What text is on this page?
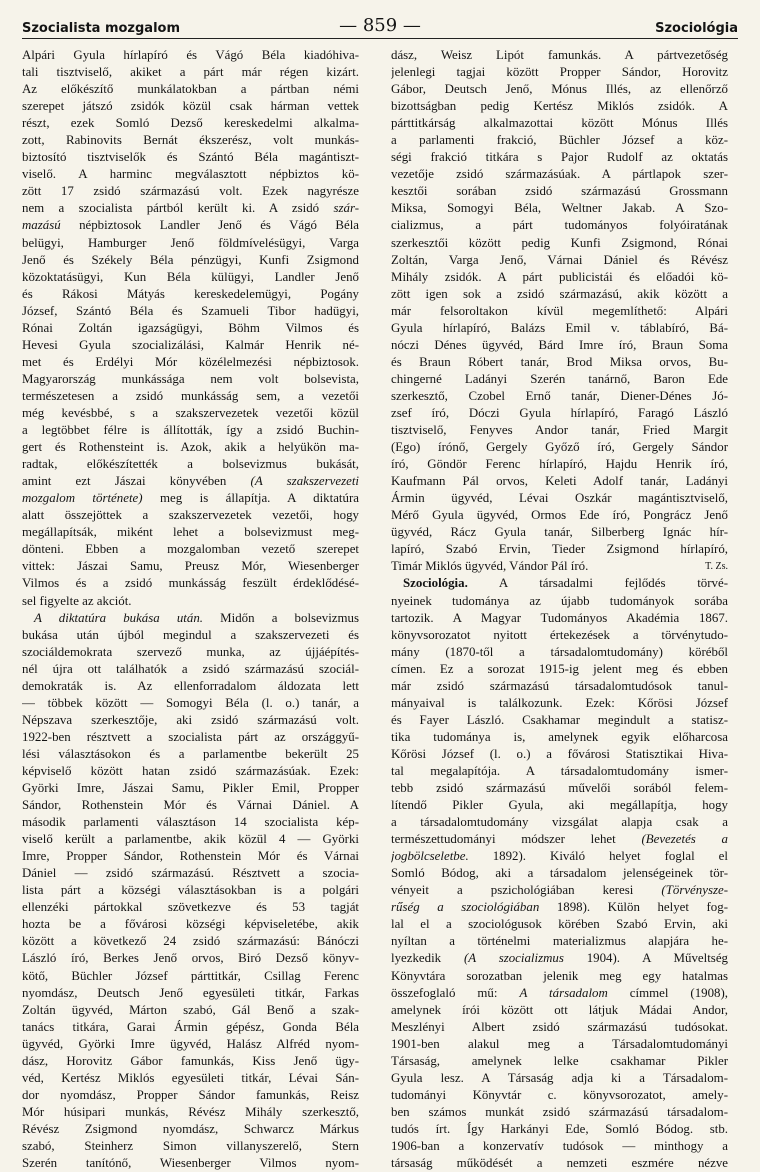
Szocialista mozgalom	— 859 —	Szociológia
Alpári Gyula hírlapíró és Vágó Béla kiadóhiva-
tali tisztviselő, akiket a párt már régen kizárt.
Az előkészítő munkálatokban a pártban némi
szerepet játszó zsidók közül csak hárman vettek
részt, ezek Somló Dezső kereskedelmi alkalma-
zott, Rabinovits Bernát ékszerész, volt munkás-
biztosító tisztviselők és Szántó Béla magántiszt-
viselő. A harminc megválasztott népbiztos kö-
zött 17 zsidó származású volt. Ezek nagyrésze
nem a szocialista pártból került ki. A zsidó szár-
mazású népbiztosok Landler Jenő és Vágó Béla
belügyi, Hamburger Jenő földmívelésügyi, Varga
Jenő és Székely Béla pénzügyi, Kunfi Zsigmond
közoktatásügyi, Kun Béla külügyi, Landler Jenő
és Rákosi Mátyás kereskedelemügyi, Pogány
József, Szántó Béla és Szamueli Tibor hadügyi,
Rónai Zoltán igazságügyi, Böhm Vilmos és
Hevesi Gyula szocializálási, Kalmár Henrik né-
met és Erdélyi Mór közélelmezési népbiztosok.
Magyarország munkássága nem volt bolsevista,
természetesen a zsidó munkásság sem, a vezetői
még kevésbbé, s a szakszervezetek vezetői közül
a legtöbbet félre is állították, így a zsidó Buchin-
gert és Rothensteint is. Azok, akik a helyükön ma-
radtak, előkészítették a bolsevizmus bukását,
amint ezt Jászai könyvében (A szakszervezeti
mozgalom története) meg is állapítja. A diktatúra
alatt összejöttek a szakszervezetek vezetői, hogy
megállapítsák, miként lehet a bolsevizmust meg-
dönteni. Ebben a mozgalomban vezető szerepet
vittek: Jászai Samu, Preusz Mór, Wiesenberger
Vilmos és a zsidó munkásság feszült érdeklődésé-
sel figyelte az akciót.
A diktatúra bukása után. Midőn a bolsevizmus
bukása után újból megindul a szakszervezeti és
szociáldemokrata szervező munka, az újjáépítés-
nél újra ott találhatók a zsidó származású szociál-
demokraták is. Az ellenforradalom áldozata lett
— többek között — Somogyi Béla (l. o.) tanár, a
Népszava szerkesztője, aki zsidó származású volt.
1922-ben résztvett a szocialista párt az országgyű-
lési választásokon és a parlamentbe bekerült 25
képviselő között hatan zsidó származásúak. Ezek:
Györki Imre, Jászai Samu, Pikler Emil, Propper
Sándor, Rothenstein Mór és Várnai Dániel. A
második parlamenti választáson 14 szocialista kép-
viselő került a parlamentbe, akik közül 4 — Györki
Imre, Propper Sándor, Rothenstein Mór és Várnai
Dániel — zsidó származású. Résztvett a szocia-
lista párt a községi választásokban is a polgári
ellenzéki pártokkal szövetkezve és 53 tagját
hozta be a fővárosi községi képviseletébe, akik
között a következő 24 zsidó származású: Bánóczi
László író, Berkes Jenő orvos, Biró Dezső könyv-
kötő, Büchler József párttitkár, Csillag Ferenc
nyomdász, Deutsch Jenő egyesületi titkár, Farkas
Zoltán ügyvéd, Márton szabó, Gál Benő a szak-
tanács titkára, Garai Ármin gépész, Gonda Béla
ügyvéd, Györki Imre ügyvéd, Halász Alfréd nyom-
dász, Horovitz Gábor famunkás, Kiss Jenő ügy-
véd, Kertész Miklós egyesületi titkár, Lévai Sán-
dor nyomdász, Propper Sándor famunkás, Reisz
Mór húsipari munkás, Révész Mihály szerkesztő,
Révész Zsigmond nyomdász, Schwarcz Márkus
szabó, Steinherz Simon villanyszerelő, Stern
Szerén tanítónő, Wiesenberger Vilmos nyom-
dász, Weisz Lipót famunkás. A pártvezetőség
jelenlegi tagjai között Propper Sándor, Horovitz
Gábor, Deutsch Jenő, Mónus Illés, az ellenőrző
bizottságban pedig Kertész Miklós zsidók. A
párttitkárság alkalmazottai között Mónus Illés
a parlamenti frakció, Büchler József a köz-
ségi frakció titkára s Pajor Rudolf az oktatás
vezetője zsidó származásúak. A pártlapok szer-
kesztői sorában zsidó származású Grossmann
Miksa, Somogyi Béla, Weltner Jakab. A Szo-
cializmus, a párt tudományos folyóiratának
szerkesztői között pedig Kunfi Zsigmond, Rónai
Zoltán, Varga Jenő, Várnai Dániel és Révész
Mihály zsidók. A párt publicistái és előadói kö-
zött igen sok a zsidó származású, akik között a
már felsoroltakon kívül megemlíthető: Alpári
Gyula hírlapíró, Balázs Emil v. táblabíró, Bá-
nóczi Dénes ügyvéd, Bárd Imre író, Braun Soma
és Braun Róbert tanár, Brod Miksa orvos, Bu-
chingerné Ladányi Szerén tanárnő, Baron Ede
szerkesztő, Czobel Ernő tanár, Diener-Dénes Jó-
zsef író, Dóczi Gyula hírlapíró, Faragó László
tisztviselő, Fenyves Andor tanár, Fried Margit
(Ego) írónő, Gergely Győző író, Gergely Sándor
író, Göndör Ferenc hírlapíró, Hajdu Henrik író,
Kaufmann Pál orvos, Keleti Adolf tanár, Ladányi
Ármin ügyvéd, Lévai Oszkár magántisztviselő,
Mérő Gyula ügyvéd, Ormos Ede író, Pongrácz Jenő
ügyvéd, Rácz Gyula tanár, Silberberg Ignác hír-
lapíró, Szabó Ervin, Tieder Zsigmond hírlapíró,
Timár Miklós ügyvéd, Vándor Pál író.	T. Zs.
Szociológia. A társadalmi fejlődés törvé-
nyeinek tudománya az újabb tudományok sorába
tartozik. A Magyar Tudományos Akadémia 1867.
könyvsorozatot nyitott értekezések a törvénytudo-
mány (1870-től a társadalomtudomány) köréből
címen. Ez a sorozat 1915-ig jelent meg és ebben
már zsidó származású társadalomtudósok tanul-
mányaival is találkozunk. Ezek: Kőrösi József
és Fayer László. Csakhamar megindult a statisz-
tika tudománya is, amelynek egyik előharcosa
Kőrösi József (l. o.) a fővárosi Statisztikai Hiva-
tal megalapítója. A társadalomtudomány ismer-
tebb zsidó származású művelői sorából felem-
lítendő Pikler Gyula, aki megállapítja, hogy
a társadalomtudomány vizsgálat alapja csak a
természettudományi módszer lehet (Bevezetés a
jogbölcseletbe. 1892). Kiváló helyet foglal el
Somló Bódog, aki a társadalom jelenségeinek tör-
vényeit a pszichológiában keresi (Törvénysze-
rűség a szociológiában 1898). Külön helyet fog-
lal el a szociológusok körében Szabó Ervin, aki
nyíltan a történelmi materializmus alapjára he-
lyezkedik (A szocializmus 1904). A Műveltség
Könyvtára sorozatban jelenik meg egy hatalmas
összefoglaló mű: A társadalom címmel (1908),
amelynek írói között ott látjuk Mádai Andor,
Meszlényi Albert zsidó származású tudósokat.
1901-ben alakul meg a Társadalomtudományi
Társaság, amelynek lelke csakhamar Pikler
Gyula lesz. A Társaság adja ki a Társadalom-
tudományi Könyvtár c. könyvsorozatot, amely-
ben számos munkát zsidó származású társadalom-
tudós írt. Így Harkányi Ede, Somló Bódog. stb.
1906-ban a konzervatív tudósok — minthogy a
társaság működését a nemzeti eszmére nézve
